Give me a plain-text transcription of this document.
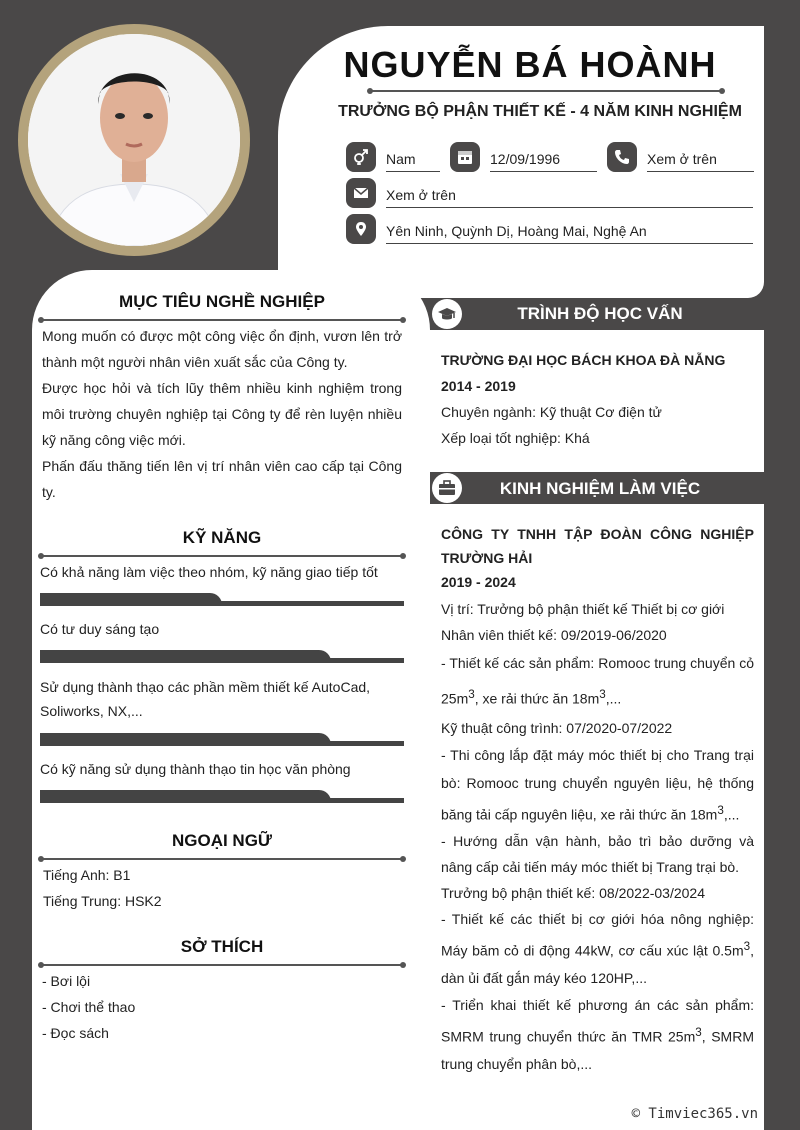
NGUYỄN BÁ HOÀNH
TRƯỞNG BỘ PHẬN THIẾT KẾ - 4 NĂM KINH NGHIỆM
Nam	12/09/1996	Xem ở trên
Xem ở trên
Yên Ninh, Quỳnh Dị, Hoàng Mai, Nghệ An
MỤC TIÊU NGHỀ NGHIỆP

Mong muốn có được một công việc ổn định, vươn lên trở thành một người nhân viên xuất sắc của Công ty.

Được học hỏi và tích lũy thêm nhiều kinh nghiệm trong môi trường chuyên nghiệp tại Công ty để rèn luyện nhiều kỹ năng công việc mới.

Phấn đấu thăng tiến lên vị trí nhân viên cao cấp tại Công ty.

KỸ NĂNG
Có khả năng làm việc theo nhóm, kỹ năng giao tiếp tốt
Có tư duy sáng tạo
Sử dụng thành thạo các phần mềm thiết kế AutoCad, Soliworks, NX,...
Có kỹ năng sử dụng thành thạo tin học văn phòng
NGOẠI NGỮ

Tiếng Anh: B1

Tiếng Trung: HSK2

SỞ THÍCH

- Bơi lội

- Chơi thể thao

- Đọc sách

TRÌNH ĐỘ HỌC VẤN

TRƯỜNG ĐẠI HỌC BÁCH KHOA ĐÀ NẴNG

2014 - 2019

Chuyên ngành: Kỹ thuật Cơ điện tử

Xếp loại tốt nghiệp: Khá

KINH NGHIỆM LÀM VIỆC

CÔNG TY TNHH TẬP ĐOÀN CÔNG NGHIỆP TRƯỜNG HẢI

2019 - 2024

Vị trí: Trưởng bộ phận thiết kế Thiết bị cơ giới

Nhân viên thiết kế: 09/2019-06/2020

- Thiết kế các sản phẩm: Romooc trung chuyển cỏ $25m^3$, xe rải thức ăn $18m^3$,...

Kỹ thuật công trình: 07/2020-07/2022

- Thi công lắp đặt máy móc thiết bị cho Trang trại bò: Romooc trung chuyển nguyên liệu, hệ thống băng tải cấp nguyên liệu, xe rải thức ăn $18m^3$,...

- Hướng dẫn vận hành, bảo trì bảo dưỡng và nâng cấp cải tiến máy móc thiết bị Trang trại bò.

Trưởng bộ phận thiết kế: 08/2022-03/2024

- Thiết kế các thiết bị cơ giới hóa nông nghiệp: Máy băm cỏ di động 44kW, cơ cấu xúc lật $0.5m^3$, dàn ủi đất gắn máy kéo 120HP,...

- Triển khai thiết kế phương án các sản phẩm: SMRM trung chuyển thức ăn TMR $25m^3$, SMRM trung chuyển phân bò,...

© Timviec365.vn
